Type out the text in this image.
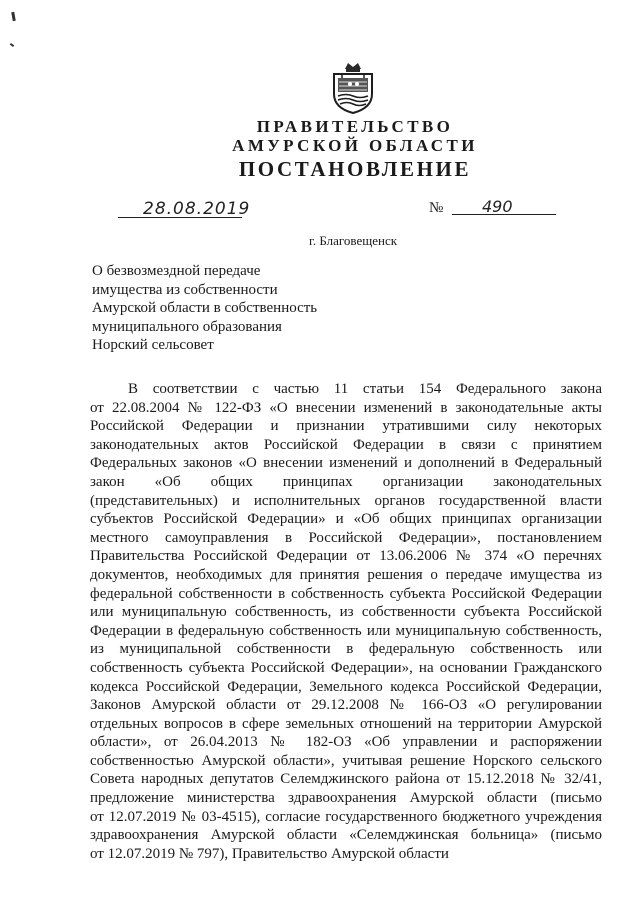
ПРАВИТЕЛЬСТВО
АМУРСКОЙ ОБЛАСТИ
ПОСТАНОВЛЕНИЕ
28.08.2019	№ 490
г. Благовещенск
О безвозмездной передаче
имущества из собственности
Амурской области в собственность
муниципального образования
Норский сельсовет
В соответствии с частью 11 статьи 154 Федерального закона
от 22.08.2004 № 122-ФЗ «О внесении изменений в законодательные акты
Российской Федерации и признании утратившими силу некоторых
законодательных актов Российской Федерации в связи с принятием
Федеральных законов «О внесении изменений и дополнений в Федеральный
закон «Об общих принципах организации законодательных
(представительных) и исполнительных органов государственной власти
субъектов Российской Федерации» и «Об общих принципах организации
местного самоуправления в Российской Федерации», постановлением
Правительства Российской Федерации от 13.06.2006 № 374 «О перечнях
документов, необходимых для принятия решения о передаче имущества из
федеральной собственности в собственность субъекта Российской Федерации
или муниципальную собственность, из собственности субъекта Российской
Федерации в федеральную собственность или муниципальную собственность,
из муниципальной собственности в федеральную собственность или
собственность субъекта Российской Федерации», на основании Гражданского
кодекса Российской Федерации, Земельного кодекса Российской Федерации,
Законов Амурской области от 29.12.2008 № 166-ОЗ «О регулировании
отдельных вопросов в сфере земельных отношений на территории Амурской
области», от 26.04.2013 № 182-ОЗ «Об управлении и распоряжении
собственностью Амурской области», учитывая решение Норского сельского
Совета народных депутатов Селемджинского района от 15.12.2018 № 32/41,
предложение министерства здравоохранения Амурской области (письмо
от 12.07.2019 № 03-4515), согласие государственного бюджетного учреждения
здравоохранения Амурской области «Селемджинская больница» (письмо
от 12.07.2019 № 797), Правительство Амурской области
